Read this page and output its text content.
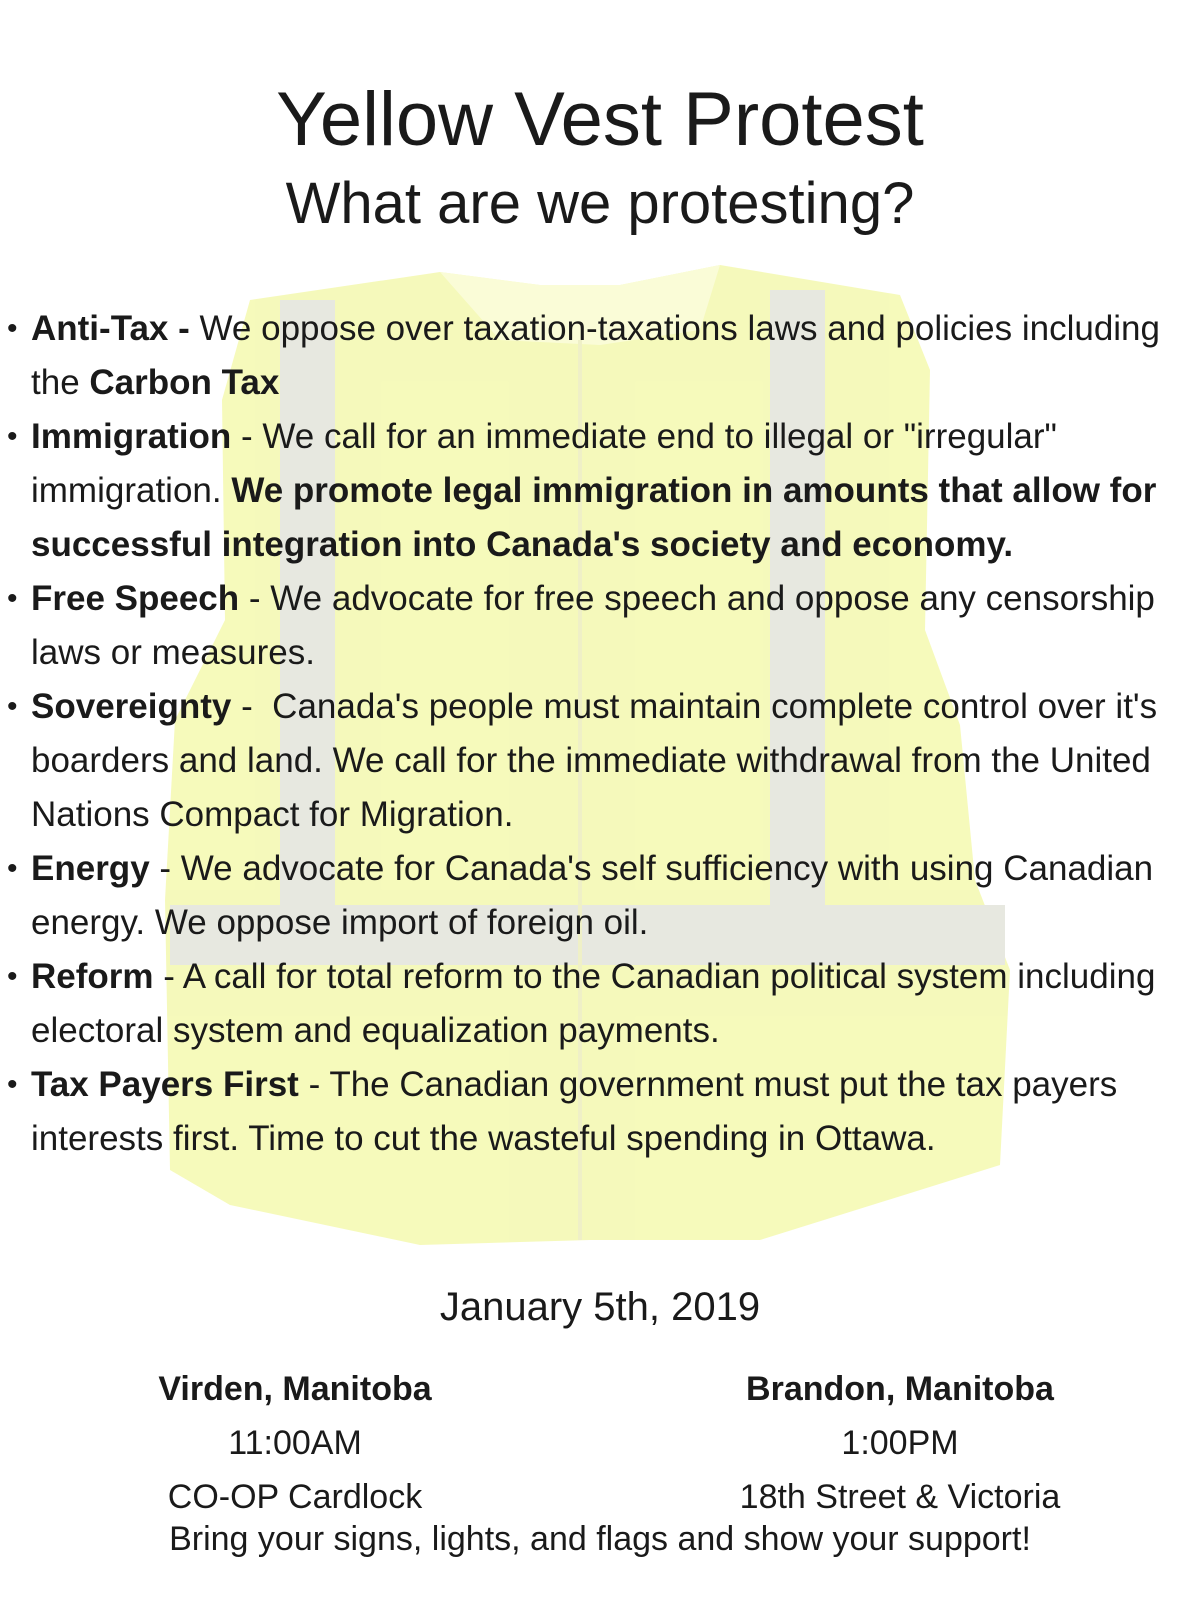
Yellow Vest Protest
What are we protesting?
• Anti-Tax - We oppose over taxation-taxations laws and policies including the Carbon Tax
• Immigration - We call for an immediate end to illegal or "irregular" immigration. We promote legal immigration in amounts that allow for successful integration into Canada's society and economy.
• Free Speech - We advocate for free speech and oppose any censorship laws or measures.
• Sovereignty -  Canada's people must maintain complete control over it's boarders and land. We call for the immediate withdrawal from the United Nations Compact for Migration.
• Energy - We advocate for Canada's self sufficiency with using Canadian energy. We oppose import of foreign oil.
• Reform - A call for total reform to the Canadian political system including electoral system and equalization payments.
• Tax Payers First - The Canadian government must put the tax payers interests first. Time to cut the wasteful spending in Ottawa.
January 5th, 2019
Virden, Manitoba
11:00AM
CO-OP Cardlock
Brandon, Manitoba
1:00PM
18th Street & Victoria
Bring your signs, lights, and flags and show your support!
